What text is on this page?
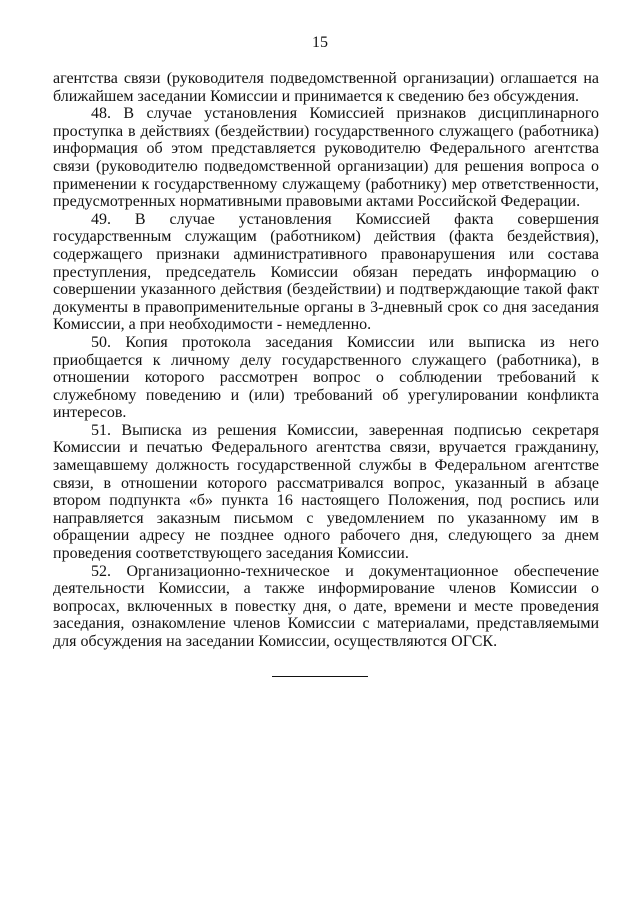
15

агентства связи (руководителя подведомственной организации) оглашается на ближайшем заседании Комиссии и принимается к сведению без обсуждения.

48. В случае установления Комиссией признаков дисциплинарного проступка в действиях (бездействии) государственного служащего (работника) информация об этом представляется руководителю Федерального агентства связи (руководителю подведомственной организации) для решения вопроса о применении к государственному служащему (работнику) мер ответственности, предусмотренных нормативными правовыми актами Российской Федерации.

49. В случае установления Комиссией факта совершения государственным служащим (работником) действия (факта бездействия), содержащего признаки административного правонарушения или состава преступления, председатель Комиссии обязан передать информацию о совершении указанного действия (бездействии) и подтверждающие такой факт документы в правоприменительные органы в 3-дневный срок со дня заседания Комиссии, а при необходимости - немедленно.

50. Копия протокола заседания Комиссии или выписка из него приобщается к личному делу государственного служащего (работника), в отношении которого рассмотрен вопрос о соблюдении требований к служебному поведению и (или) требований об урегулировании конфликта интересов.

51. Выписка из решения Комиссии, заверенная подписью секретаря Комиссии и печатью Федерального агентства связи, вручается гражданину, замещавшему должность государственной службы в Федеральном агентстве связи, в отношении которого рассматривался вопрос, указанный в абзаце втором подпункта «б» пункта 16 настоящего Положения, под роспись или направляется заказным письмом с уведомлением по указанному им в обращении адресу не позднее одного рабочего дня, следующего за днем проведения соответствующего заседания Комиссии.

52. Организационно-техническое и документационное обеспечение деятельности Комиссии, а также информирование членов Комиссии о вопросах, включенных в повестку дня, о дате, времени и месте проведения заседания, ознакомление членов Комиссии с материалами, представляемыми для обсуждения на заседании Комиссии, осуществляются ОГСК.
